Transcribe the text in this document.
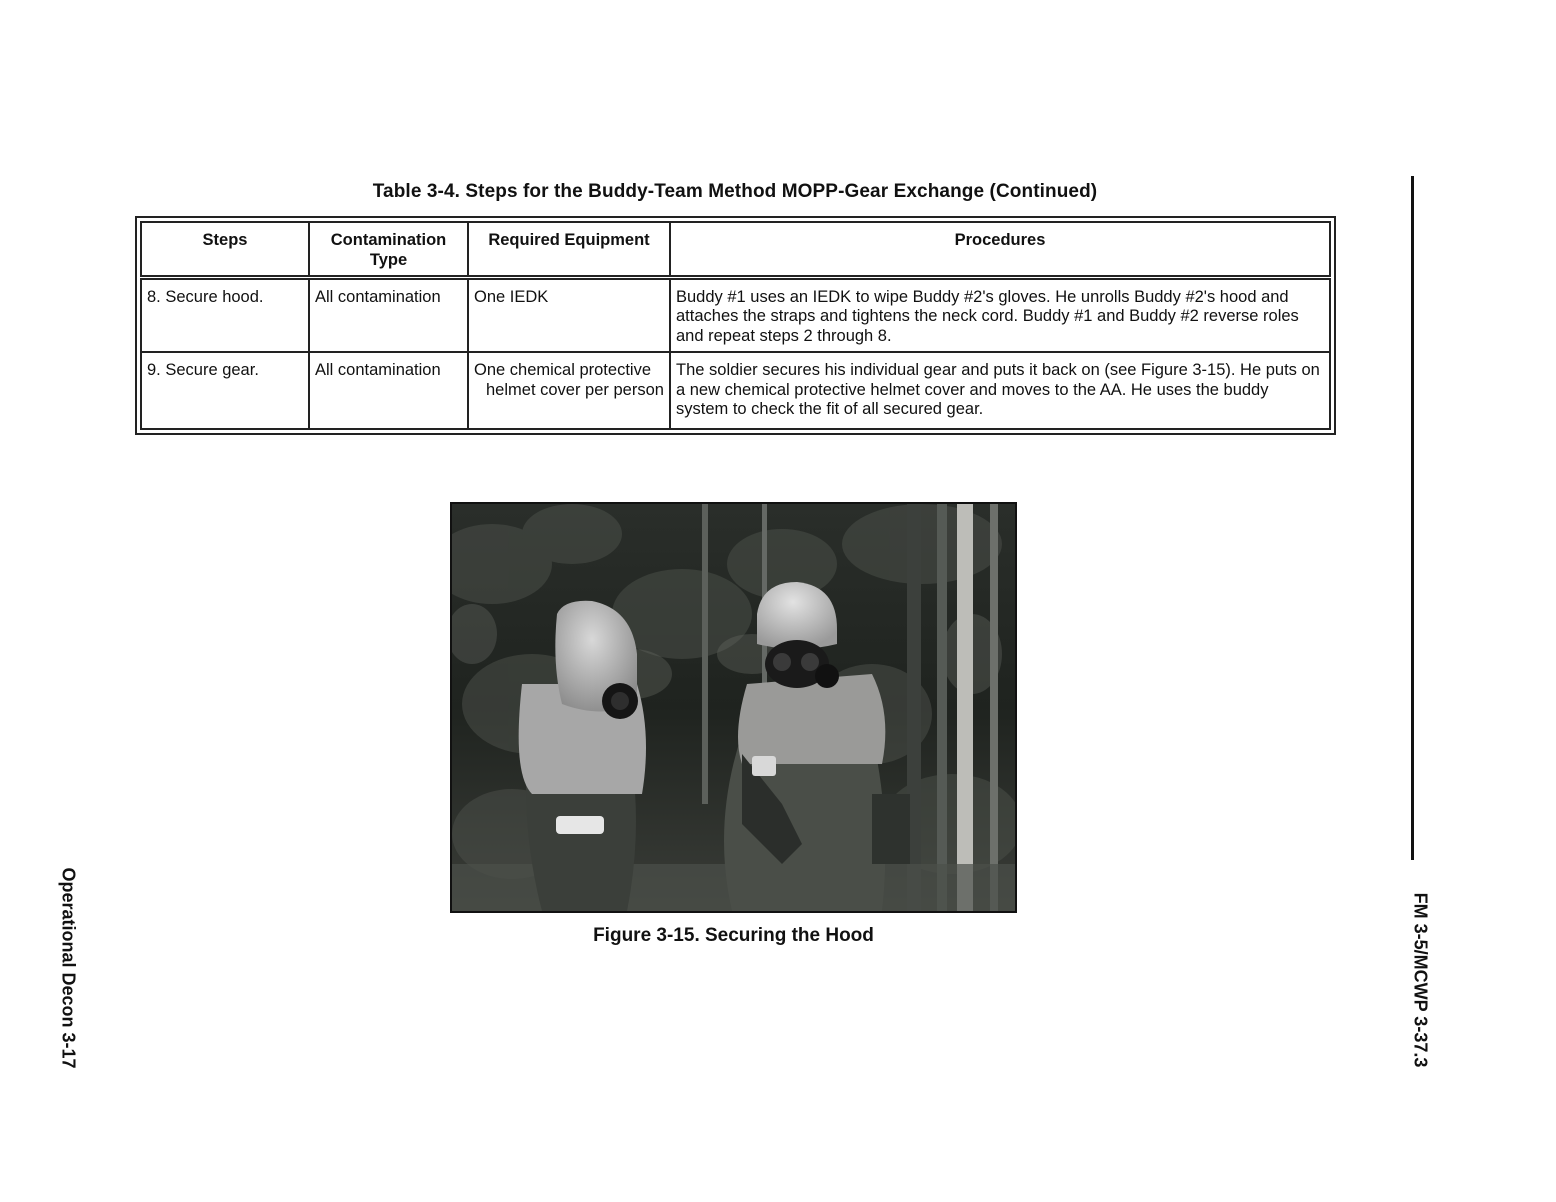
Table 3-4. Steps for the Buddy-Team Method MOPP-Gear Exchange (Continued)
Steps	Contamination Type	Required Equipment	Procedures
8. Secure hood.	All contamination	One IEDK	Buddy #1 uses an IEDK to wipe Buddy #2's gloves. He unrolls Buddy #2's hood and attaches the straps and tightens the neck cord. Buddy #1 and Buddy #2 reverse roles and repeat steps 2 through 8.
9. Secure gear.	All contamination	One chemical protective helmet cover per person	The soldier secures his individual gear and puts it back on (see Figure 3-15). He puts on a new chemical protective helmet cover and moves to the AA. He uses the buddy system to check the fit of all secured gear.
Figure 3-15. Securing the Hood
Operational Decon 3-17	FM 3-5/MCWP 3-37.3
